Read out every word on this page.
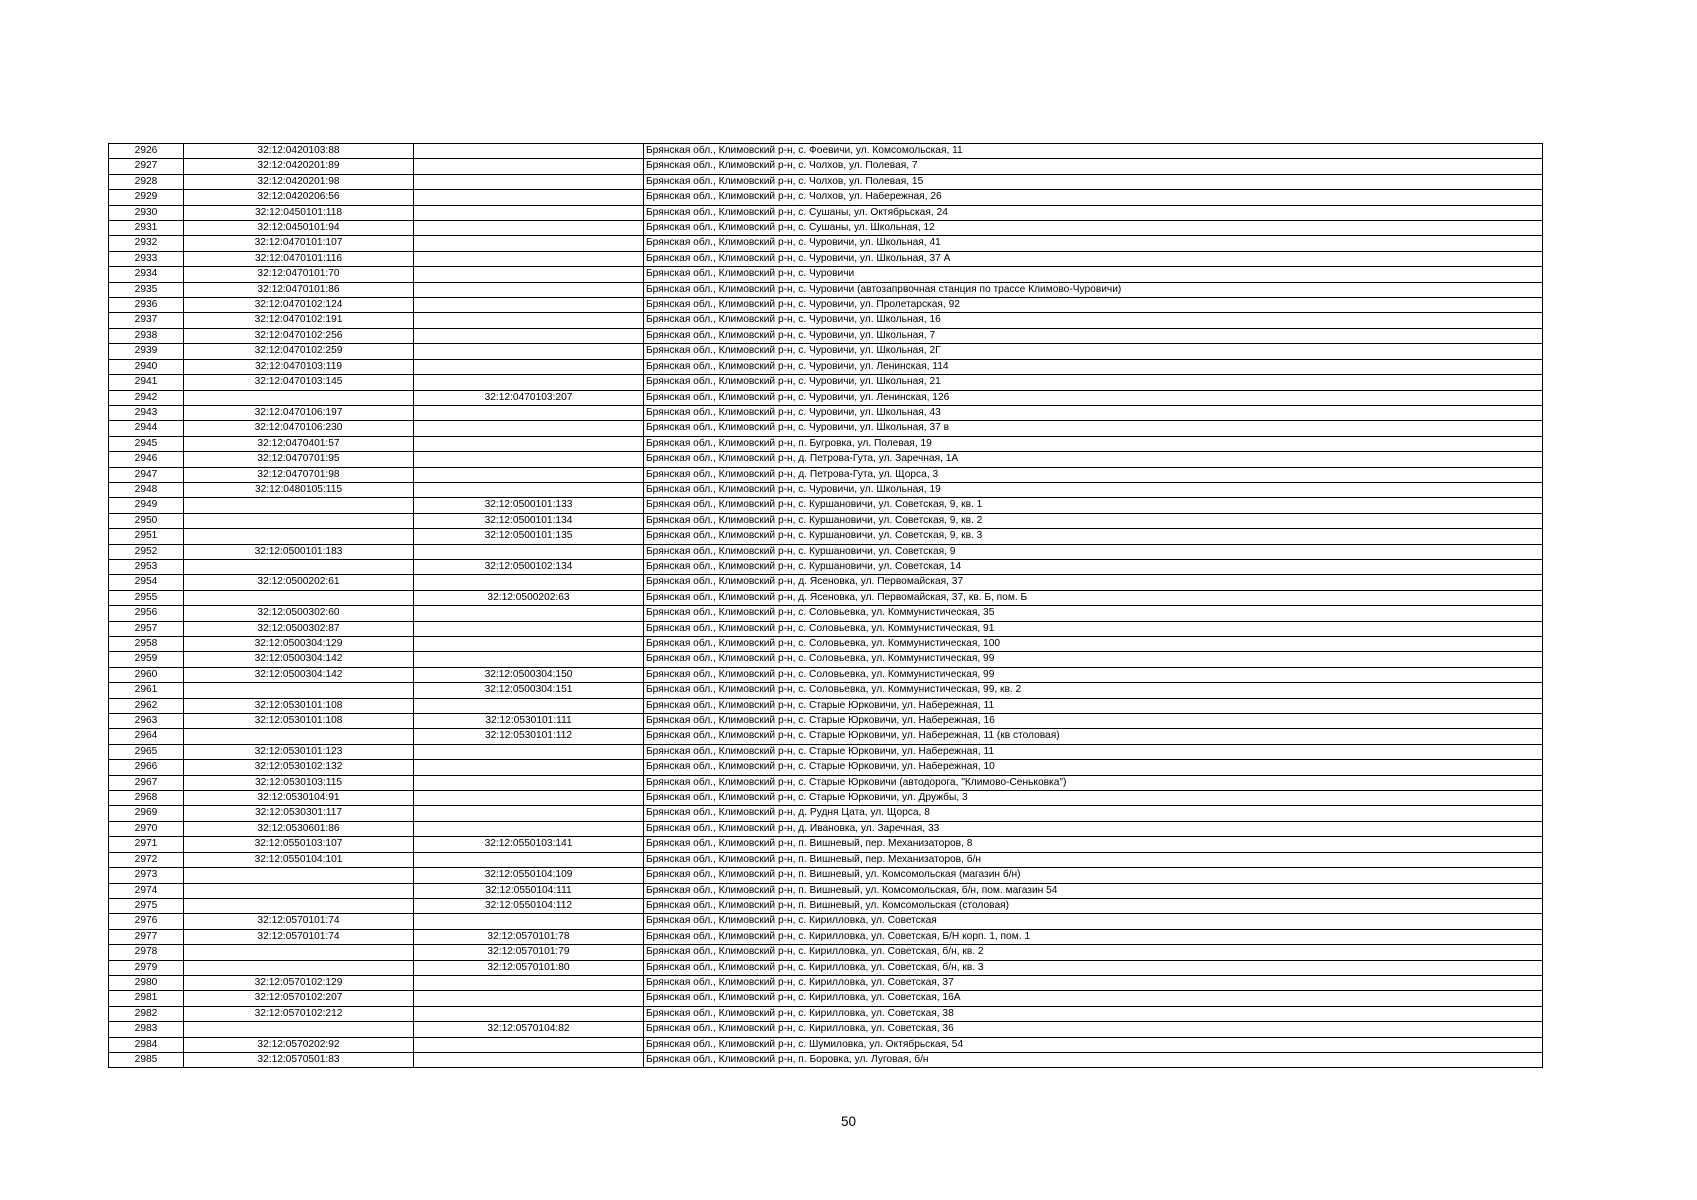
2926	32:12:0420103:88		Брянская обл., Климовский р-н, с. Фоевичи, ул. Комсомольская, 11
2927	32:12:0420201:89		Брянская обл., Климовский р-н, с. Чолхов, ул. Полевая, 7
2928	32:12:0420201:98		Брянская обл., Климовский р-н, с. Чолхов, ул. Полевая, 15
2929	32:12:0420206:56		Брянская обл., Климовский р-н, с. Чолхов, ул. Набережная, 26
2930	32:12:0450101:118		Брянская обл., Климовский р-н, с. Сушаны, ул. Октябрьская, 24
2931	32:12:0450101:94		Брянская обл., Климовский р-н, с. Сушаны, ул. Школьная, 12
2932	32:12:0470101:107		Брянская обл., Климовский р-н, с. Чуровичи, ул. Школьная, 41
2933	32:12:0470101:116		Брянская обл., Климовский р-н, с. Чуровичи, ул. Школьная, 37 А
2934	32:12:0470101:70		Брянская обл., Климовский р-н, с. Чуровичи
2935	32:12:0470101:86		Брянская обл., Климовский р-н, с. Чуровичи (автозапрвочная станция по трассе Климово-Чуровичи)
2936	32:12:0470102:124		Брянская обл., Климовский р-н, с. Чуровичи, ул. Пролетарская, 92
2937	32:12:0470102:191		Брянская обл., Климовский р-н, с. Чуровичи, ул. Школьная, 16
2938	32:12:0470102:256		Брянская обл., Климовский р-н, с. Чуровичи, ул. Школьная, 7
2939	32:12:0470102:259		Брянская обл., Климовский р-н, с. Чуровичи, ул. Школьная, 2Г
2940	32:12:0470103:119		Брянская обл., Климовский р-н, с. Чуровичи, ул. Ленинская, 114
2941	32:12:0470103:145		Брянская обл., Климовский р-н, с. Чуровичи, ул. Школьная, 21
2942		32:12:0470103:207	Брянская обл., Климовский р-н, с. Чуровичи, ул. Ленинская, 126
2943	32:12:0470106:197		Брянская обл., Климовский р-н, с. Чуровичи, ул. Школьная, 43
2944	32:12:0470106:230		Брянская обл., Климовский р-н, с. Чуровичи, ул. Школьная, 37 в
2945	32:12:0470401:57		Брянская обл., Климовский р-н, п. Бугровка, ул. Полевая, 19
2946	32:12:0470701:95		Брянская обл., Климовский р-н, д. Петрова-Гута, ул. Заречная, 1А
2947	32:12:0470701:98		Брянская обл., Климовский р-н, д. Петрова-Гута, ул. Щорса, 3
2948	32:12:0480105:115		Брянская обл., Климовский р-н, с. Чуровичи, ул. Школьная, 19
2949		32:12:0500101:133	Брянская обл., Климовский р-н, с. Куршановичи, ул. Советская, 9, кв. 1
2950		32:12:0500101:134	Брянская обл., Климовский р-н, с. Куршановичи, ул. Советская, 9, кв. 2
2951		32:12:0500101:135	Брянская обл., Климовский р-н, с. Куршановичи, ул. Советская, 9, кв. 3
2952	32:12:0500101:183		Брянская обл., Климовский р-н, с. Куршановичи, ул. Советская, 9
2953		32:12:0500102:134	Брянская обл., Климовский р-н, с. Куршановичи, ул. Советская, 14
2954	32:12:0500202:61		Брянская обл., Климовский р-н, д. Ясеновка, ул. Первомайская, 37
2955		32:12:0500202:63	Брянская обл., Климовский р-н, д. Ясеновка, ул. Первомайская, 37, кв. Б, пом. Б
2956	32:12:0500302:60		Брянская обл., Климовский р-н, с. Соловьевка, ул. Коммунистическая, 35
2957	32:12:0500302:87		Брянская обл., Климовский р-н, с. Соловьевка, ул. Коммунистическая, 91
2958	32:12:0500304:129		Брянская обл., Климовский р-н, с. Соловьевка, ул. Коммунистическая, 100
2959	32:12:0500304:142		Брянская обл., Климовский р-н, с. Соловьевка, ул. Коммунистическая, 99
2960	32:12:0500304:142	32:12:0500304:150	Брянская обл., Климовский р-н, с. Соловьевка, ул. Коммунистическая, 99
2961		32:12:0500304:151	Брянская обл., Климовский р-н, с. Соловьевка, ул. Коммунистическая, 99, кв. 2
2962	32:12:0530101:108		Брянская обл., Климовский р-н, с. Старые Юрковичи, ул. Набережная, 11
2963	32:12:0530101:108	32:12:0530101:111	Брянская обл., Климовский р-н, с. Старые Юрковичи, ул. Набережная, 16
2964		32:12:0530101:112	Брянская обл., Климовский р-н, с. Старые Юрковичи, ул. Набережная, 11 (кв столовая)
2965	32:12:0530101:123		Брянская обл., Климовский р-н, с. Старые Юрковичи, ул. Набережная, 11
2966	32:12:0530102:132		Брянская обл., Климовский р-н, с. Старые Юрковичи, ул. Набережная, 10
2967	32:12:0530103:115		Брянская обл., Климовский р-н, с. Старые Юрковичи (автодорога, "Климово-Сеньковка")
2968	32:12:0530104:91		Брянская обл., Климовский р-н, с. Старые Юрковичи, ул. Дружбы, 3
2969	32:12:0530301:117		Брянская обл., Климовский р-н, д. Рудня Цата, ул. Щорса, 8
2970	32:12:0530601:86		Брянская обл., Климовский р-н, д. Ивановка, ул. Заречная, 33
2971	32:12:0550103:107	32:12:0550103:141	Брянская обл., Климовский р-н, п. Вишневый, пер. Механизаторов, 8
2972	32:12:0550104:101		Брянская обл., Климовский р-н, п. Вишневый, пер. Механизаторов, б/н
2973		32:12:0550104:109	Брянская обл., Климовский р-н, п. Вишневый, ул. Комсомольская (магазин б/н)
2974		32:12:0550104:111	Брянская обл., Климовский р-н, п. Вишневый, ул. Комсомольская, б/н, пом. магазин 54
2975		32:12:0550104:112	Брянская обл., Климовский р-н, п. Вишневый, ул. Комсомольская (столовая)
2976	32:12:0570101:74		Брянская обл., Климовский р-н, с. Кирилловка, ул. Советская
2977	32:12:0570101:74	32:12:0570101:78	Брянская обл., Климовский р-н, с. Кирилловка, ул. Советская, Б/Н корп. 1, пом. 1
2978		32:12:0570101:79	Брянская обл., Климовский р-н, с. Кирилловка, ул. Советская, б/н, кв. 2
2979		32:12:0570101:80	Брянская обл., Климовский р-н, с. Кирилловка, ул. Советская, б/н, кв. 3
2980	32:12:0570102:129		Брянская обл., Климовский р-н, с. Кирилловка, ул. Советская, 37
2981	32:12:0570102:207		Брянская обл., Климовский р-н, с. Кирилловка, ул. Советская, 16А
2982	32:12:0570102:212		Брянская обл., Климовский р-н, с. Кирилловка, ул. Советская, 38
2983		32:12:0570104:82	Брянская обл., Климовский р-н, с. Кирилловка, ул. Советская, 36
2984	32:12:0570202:92		Брянская обл., Климовский р-н, с. Шумиловка, ул. Октябрьская, 54
2985	32:12:0570501:83		Брянская обл., Климовский р-н, п. Боровка, ул. Луговая, б/н
50
